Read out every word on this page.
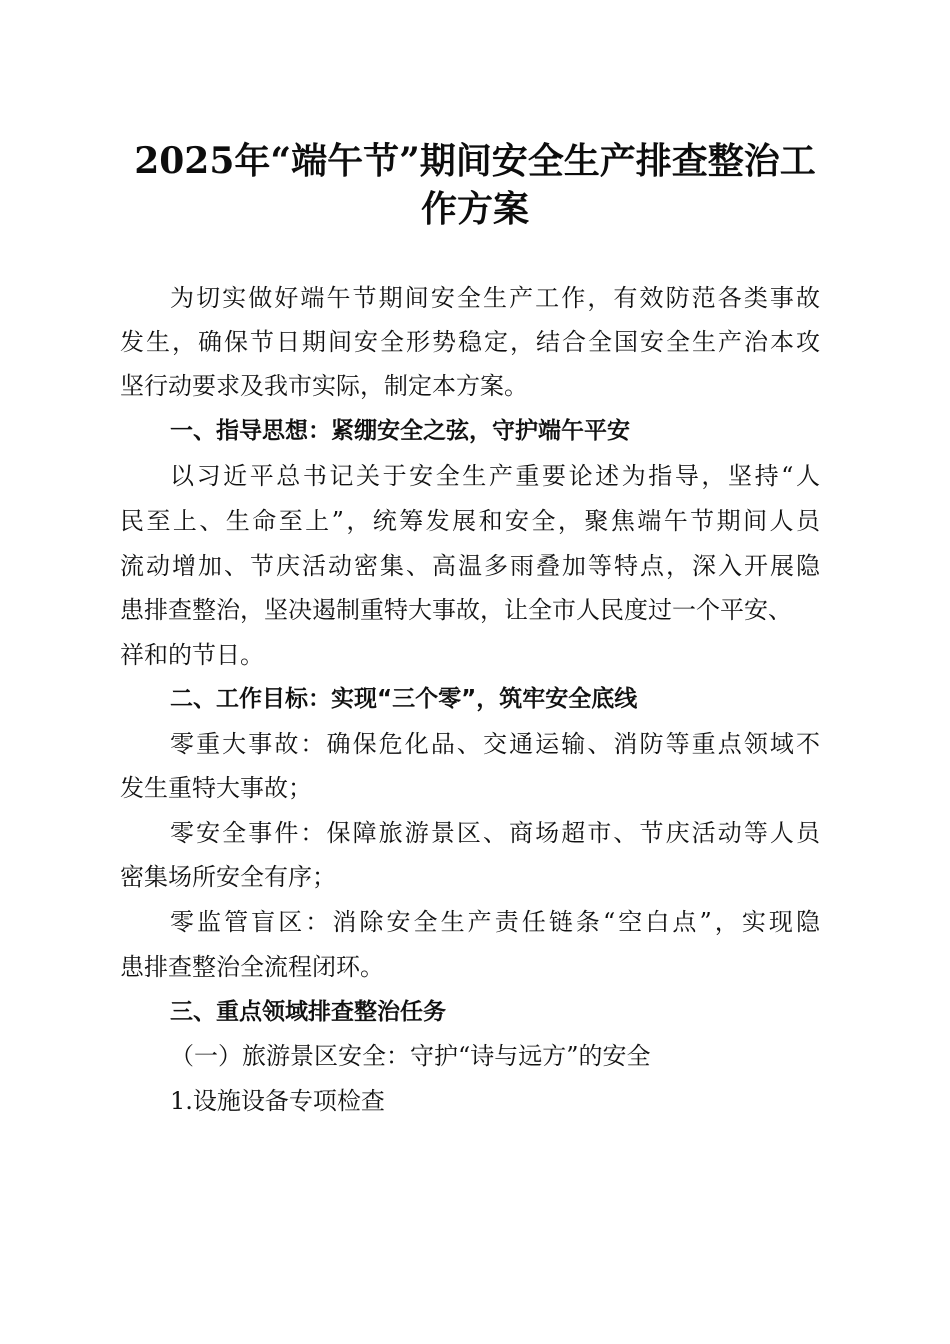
2025年“端午节”期间安全生产排查整治工
作方案

为切实做好端午节期间安全生产工作，有效防范各类事故

发生，确保节日期间安全形势稳定，结合全国安全生产治本攻

坚行动要求及我市实际，制定本方案。

一、指导思想：紧绷安全之弦，守护端午平安

以习近平总书记关于安全生产重要论述为指导，坚持“人

民至上、生命至上”，统筹发展和安全，聚焦端午节期间人员

流动增加、节庆活动密集、高温多雨叠加等特点，深入开展隐

患排查整治，坚决遏制重特大事故，让全市人民度过一个平安、

祥和的节日。

二、工作目标：实现“三个零”，筑牢安全底线

零重大事故：确保危化品、交通运输、消防等重点领域不

发生重特大事故；

零安全事件：保障旅游景区、商场超市、节庆活动等人员

密集场所安全有序；

零监管盲区：消除安全生产责任链条“空白点”，实现隐

患排查整治全流程闭环。

三、重点领域排查整治任务

（一）旅游景区安全：守护“诗与远方”的安全

1.设施设备专项检查
